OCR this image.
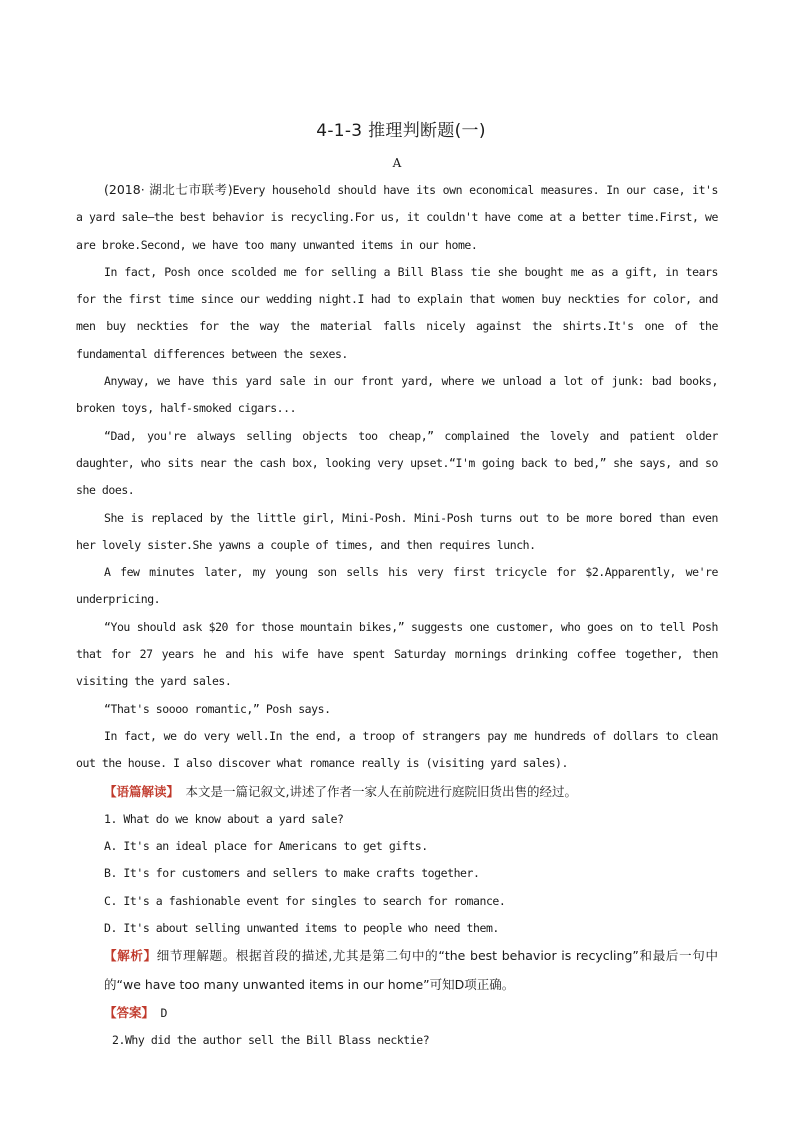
4-1-3 推理判断题(一)
A

(2018· 湖北七市联考)Every household should have its own economical measures. In our case, it's a yard sale—the best behavior is recycling.For us, it couldn't have come at a better time.First, we are broke.Second, we have too many unwanted items in our home.

In fact, Posh once scolded me for selling a Bill Blass tie she bought me as a gift, in tears for the first time since our wedding night.I had to explain that women buy neckties for color, and men buy neckties for the way the material falls nicely against the shirts.It's one of the fundamental differences between the sexes.

Anyway, we have this yard sale in our front yard, where we unload a lot of junk: bad books, broken toys, half-smoked cigars...

“Dad, you're always selling objects too cheap,” complained the lovely and patient older daughter, who sits near the cash box, looking very upset.“I'm going back to bed,” she says, and so she does.

She is replaced by the little girl, Mini-Posh. Mini-Posh turns out to be more bored than even her lovely sister.She yawns a couple of times, and then requires lunch.

A few minutes later, my young son sells his very first tricycle for $2.Apparently, we're underpricing.

“You should ask $20 for those mountain bikes,” suggests one customer, who goes on to tell Posh that for 27 years he and his wife have spent Saturday mornings drinking coffee together, then visiting the yard sales.

“That's soooo romantic,” Posh says.

In fact, we do very well.In the end, a troop of strangers pay me hundreds of dollars to clean out the house. I also discover what romance really is (visiting yard sales).

【语篇解读】 本文是一篇记叙文,讲述了作者一家人在前院进行庭院旧货出售的经过。

1. What do we know about a yard sale?

A. It's an ideal place for Americans to get gifts.

B. It's for customers and sellers to make crafts together.

C. It's a fashionable event for singles to search for romance.

D. It's about selling unwanted items to people who need them.

【解析】细节理解题。根据首段的描述,尤其是第二句中的“the best behavior is recycling”和最后一句中的“we have too many unwanted items in our home”可知D项正确。

【答案】 D

2.Why did the author sell the Bill Blass necktie?
